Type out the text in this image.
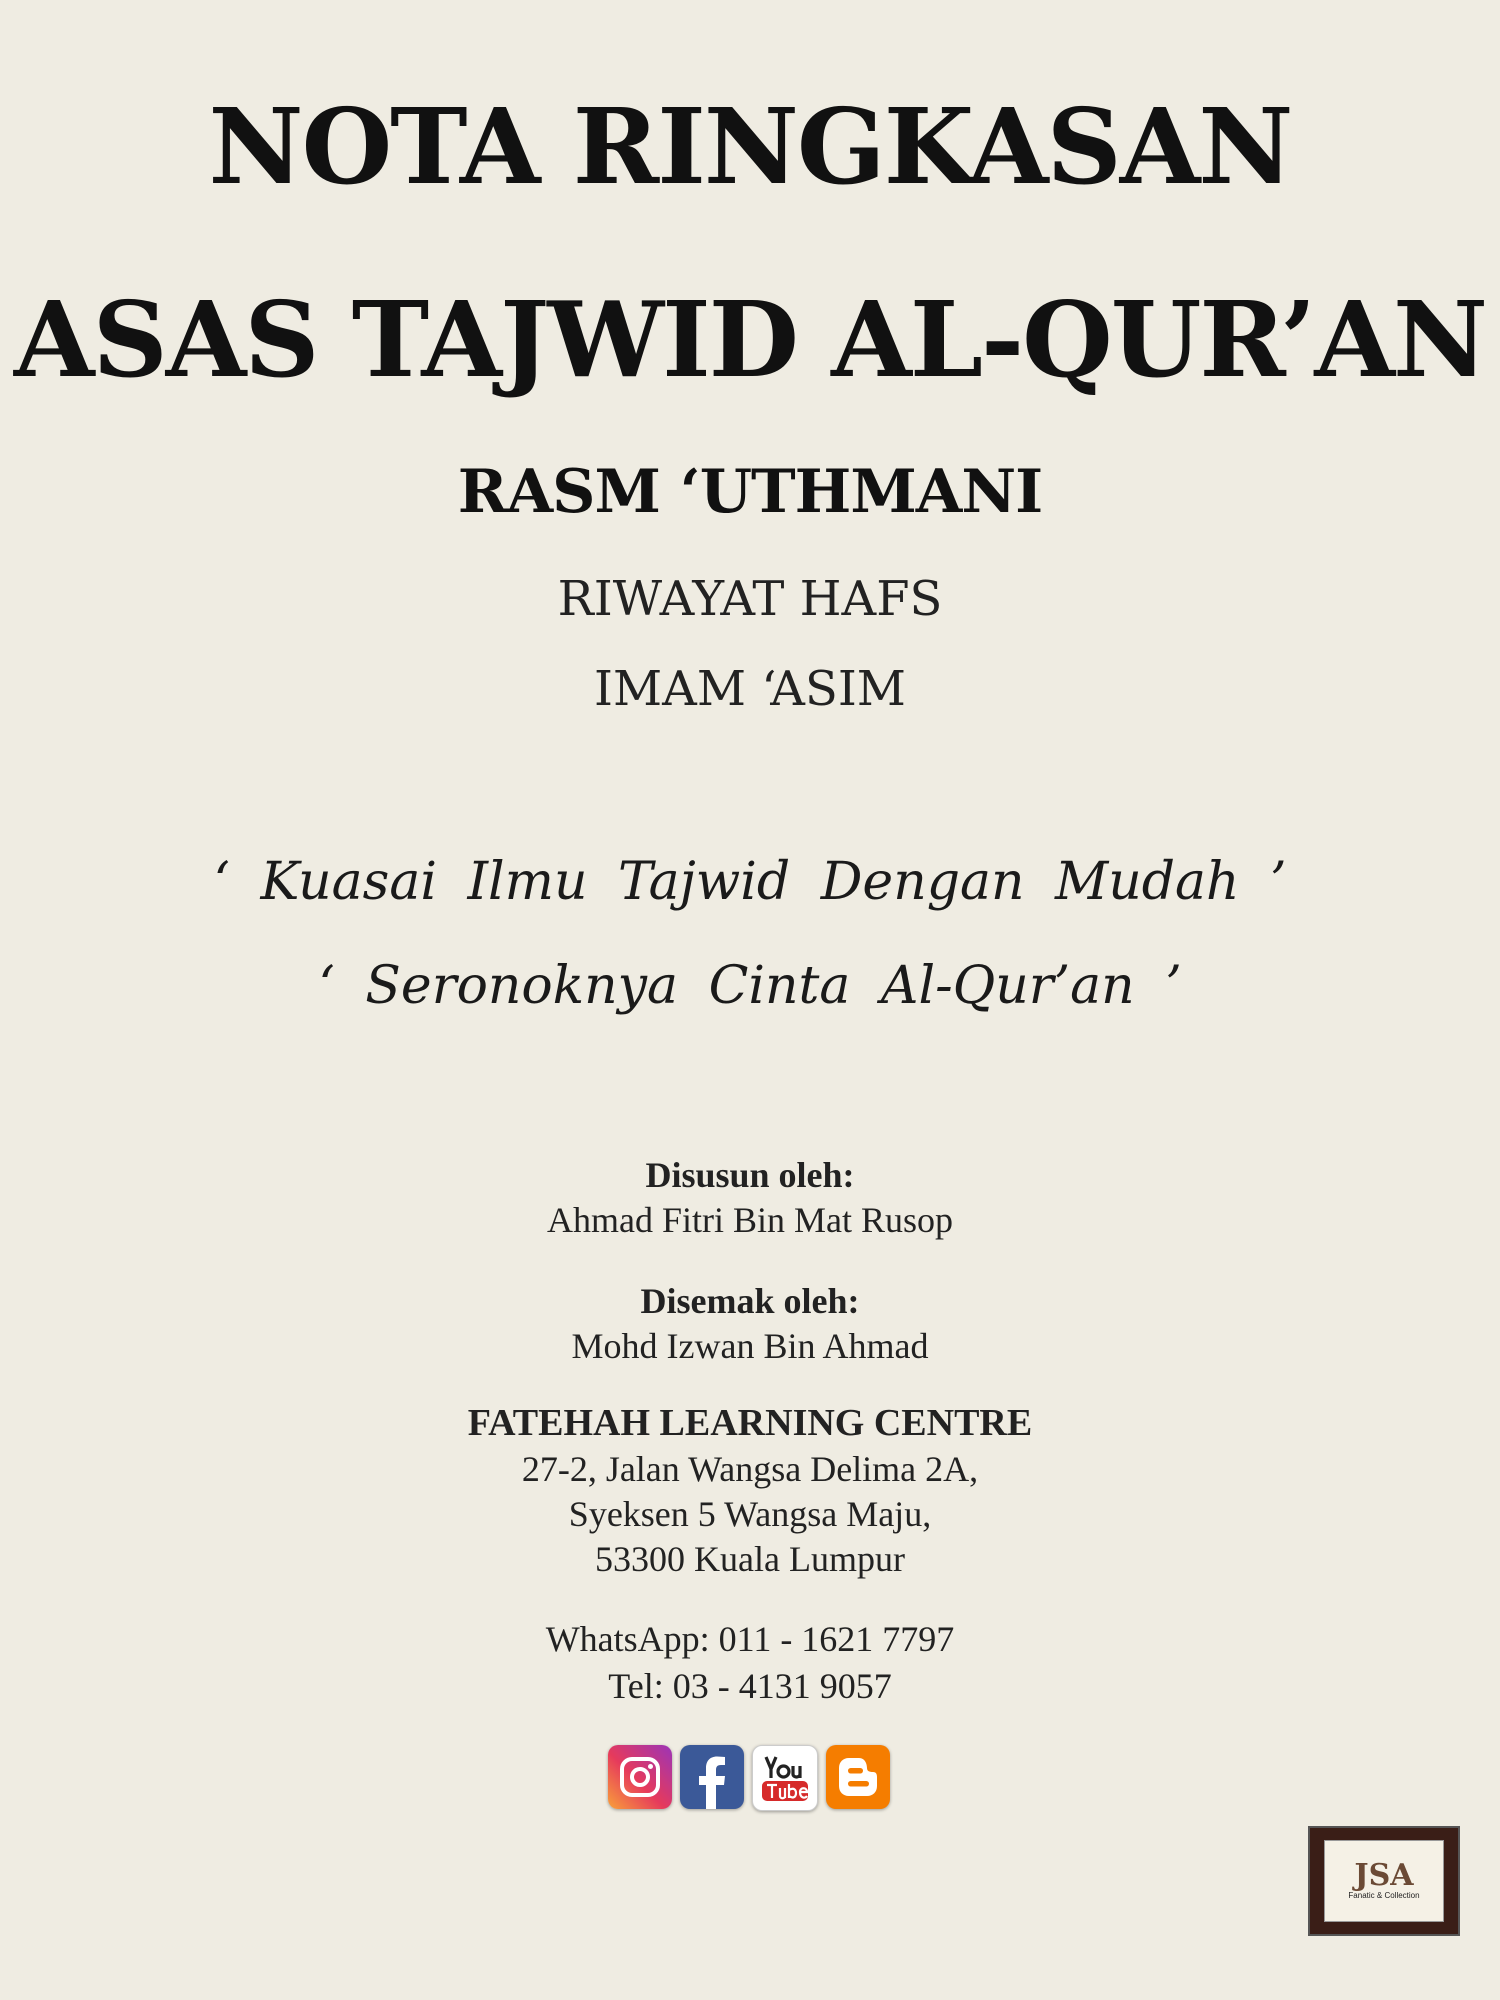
NOTA RINGKASAN
ASAS TAJWID AL-QUR’AN
RASM ‘UTHMANI
RIWAYAT HAFS
IMAM ‘ASIM
‘ Kuasai Ilmu Tajwid Dengan Mudah ’
‘ Seronoknya Cinta Al-Qur’an ’
Disusun oleh:
Ahmad Fitri Bin Mat Rusop
Disemak oleh:
Mohd Izwan Bin Ahmad
FATEHAH LEARNING CENTRE
27-2, Jalan Wangsa Delima 2A,
Syeksen 5 Wangsa Maju,
53300 Kuala Lumpur
WhatsApp: 011 - 1621 7797
Tel: 03 - 4131 9057
JSA
Fanatic & Collection
